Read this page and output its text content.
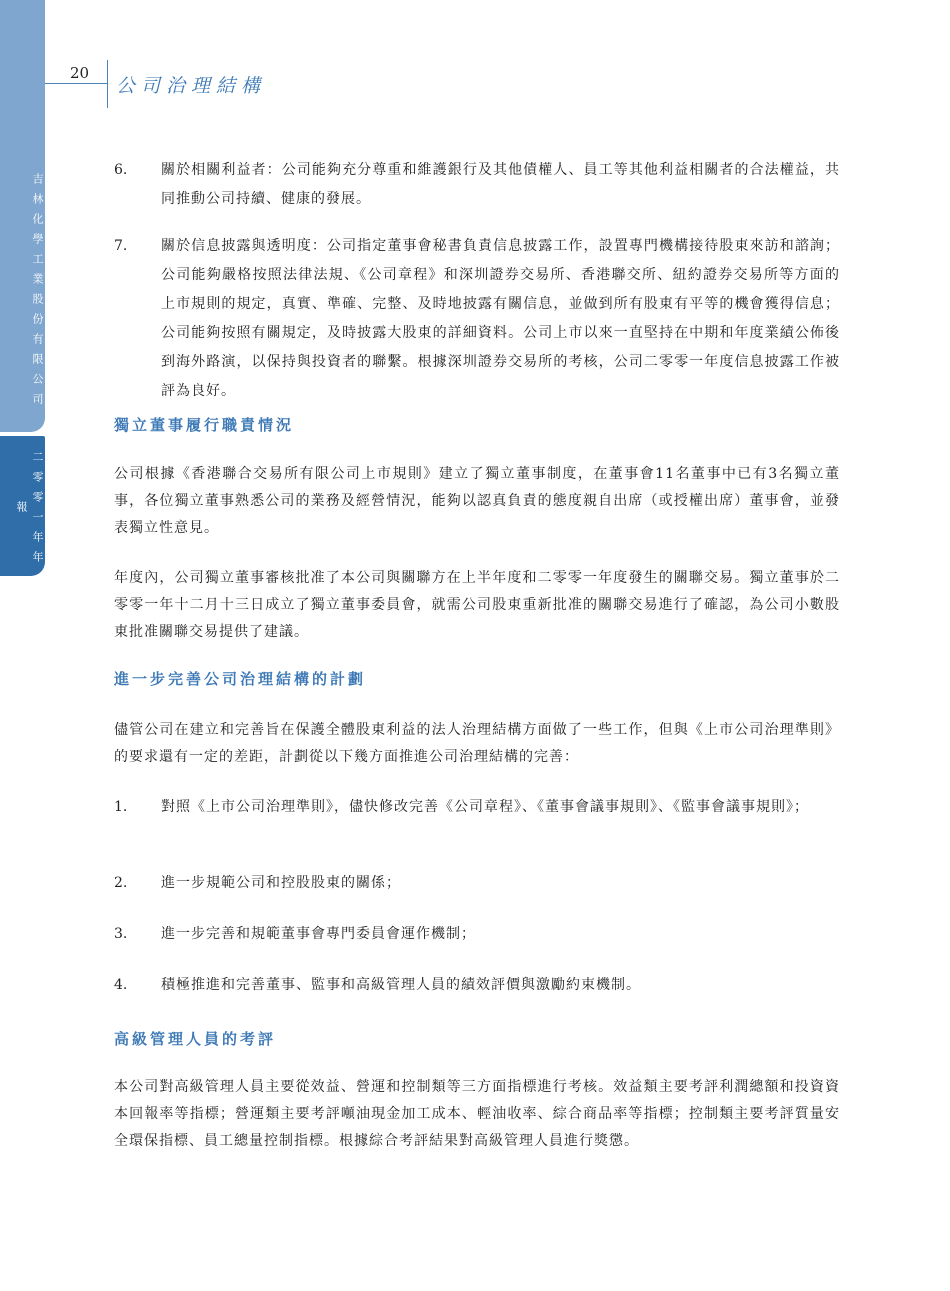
吉林化學工業股份有限公司
二零零一年年報
20
公司治理結構
6.	關於相關利益者：公司能夠充分尊重和維護銀行及其他債權人、員工等其他利益相關者的合法權益，共同推動公司持續、健康的發展。
7.	關於信息披露與透明度：公司指定董事會秘書負責信息披露工作，設置專門機構接待股東來訪和諮詢；公司能夠嚴格按照法律法規、《公司章程》和深圳證券交易所、香港聯交所、紐約證券交易所等方面的上市規則的規定，真實、準確、完整、及時地披露有關信息，並做到所有股東有平等的機會獲得信息；公司能夠按照有關規定，及時披露大股東的詳細資料。公司上市以來一直堅持在中期和年度業績公佈後到海外路演，以保持與投資者的聯繫。根據深圳證券交易所的考核，公司二零零一年度信息披露工作被評為良好。
獨立董事履行職責情況
公司根據《香港聯合交易所有限公司上市規則》建立了獨立董事制度，在董事會11名董事中已有3名獨立董事，各位獨立董事熟悉公司的業務及經營情況，能夠以認真負責的態度親自出席（或授權出席）董事會，並發表獨立性意見。
年度內，公司獨立董事審核批准了本公司與關聯方在上半年度和二零零一年度發生的關聯交易。獨立董事於二零零一年十二月十三日成立了獨立董事委員會，就需公司股東重新批准的關聯交易進行了確認，為公司小數股東批准關聯交易提供了建議。
進一步完善公司治理結構的計劃
儘管公司在建立和完善旨在保護全體股東利益的法人治理結構方面做了一些工作，但與《上市公司治理準則》的要求還有一定的差距，計劃從以下幾方面推進公司治理結構的完善：
1.	對照《上市公司治理準則》，儘快修改完善《公司章程》、《董事會議事規則》、《監事會議事規則》；
2.	進一步規範公司和控股股東的關係；
3.	進一步完善和規範董事會專門委員會運作機制；
4.	積極推進和完善董事、監事和高級管理人員的績效評價與激勵約束機制。
高級管理人員的考評
本公司對高級管理人員主要從效益、營運和控制類等三方面指標進行考核。效益類主要考評利潤總額和投資資本回報率等指標；營運類主要考評噸油現金加工成本、輕油收率、綜合商品率等指標；控制類主要考評質量安全環保指標、員工總量控制指標。根據綜合考評結果對高級管理人員進行獎懲。
